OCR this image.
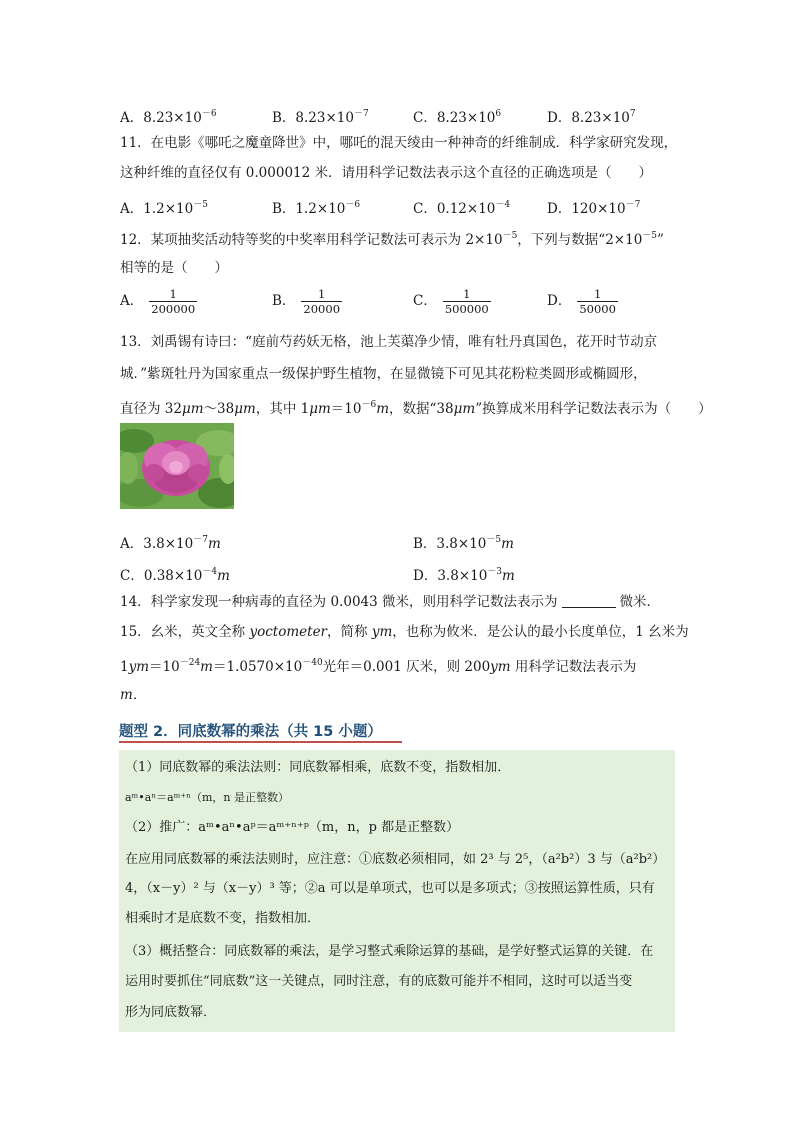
A．$8.23\times 10^{-6}$	B．$8.23\times 10^{-7}$	C．$8.23\times 10^6$	D．$8.23\times 10^7$
11．在电影《哪吒之魔童降世》中，哪吒的混天绫由一种神奇的纤维制成．科学家研究发现，
这种纤维的直径仅有 0.000012 米．请用科学记数法表示这个直径的正确选项是（　　）
A．$1.2\times 10^{-5}$	B．$1.2\times 10^{-6}$	C．$0.12\times 10^{-4}$	D．$120\times 10^{-7}$
12．某项抽奖活动特等奖的中奖率用科学记数法可表示为 $2\times 10^{-5}$，下列与数据“$2\times 10^{-5}$”
相等的是（　　）
A． $\frac{1}{200000}$	B． $\frac{1}{20000}$	C． $\frac{1}{500000}$	D． $\frac{1}{50000}$
13．刘禹锡有诗曰：“庭前芍药妖无格，池上芙蕖净少情，唯有牡丹真国色，花开时节动京
城．”紫斑牡丹为国家重点一级保护野生植物，在显微镜下可见其花粉粒类圆形或椭圆形，
直径为 32μm～38μm，其中 $1\mu m=10^{-6}m$，数据“38μm”换算成米用科学记数法表示为（　　）
A．$3.8\times 10^{-7}m$	B．$3.8\times 10^{-5}m$
C．$0.38\times 10^{-4}m$	D．$3.8\times 10^{-3}m$
14．科学家发现一种病毒的直径为 0.0043 微米，则用科学记数法表示为	微米．
15．幺米，英文全称 yoctometer，简称 ym，也称为攸米．是公认的最小长度单位，1 幺米为
$1ym=10^{-24}m=1.0570\times 10^{-40}$光年＝0.001 仄米，则 200ym 用科学记数法表示为
m．
题型 2．同底数幂的乘法（共 15 小题）
（1）同底数幂的乘法法则：同底数幂相乘，底数不变，指数相加．
aᵐ•aⁿ＝aᵐ⁺ⁿ（m，n 是正整数）
（2）推广：aᵐ•aⁿ•aᵖ＝aᵐ⁺ⁿ⁺ᵖ（m，n，p 都是正整数）
在应用同底数幂的乘法法则时，应注意：①底数必须相同，如 2³ 与 2⁵，（a²b²）3 与（a²b²）
4，（x－y）² 与（x－y）³ 等；②a 可以是单项式，也可以是多项式；③按照运算性质，只有
相乘时才是底数不变，指数相加．
（3）概括整合：同底数幂的乘法，是学习整式乘除运算的基础，是学好整式运算的关键．在
运用时要抓住“同底数”这一关键点，同时注意，有的底数可能并不相同，这时可以适当变
形为同底数幂．
